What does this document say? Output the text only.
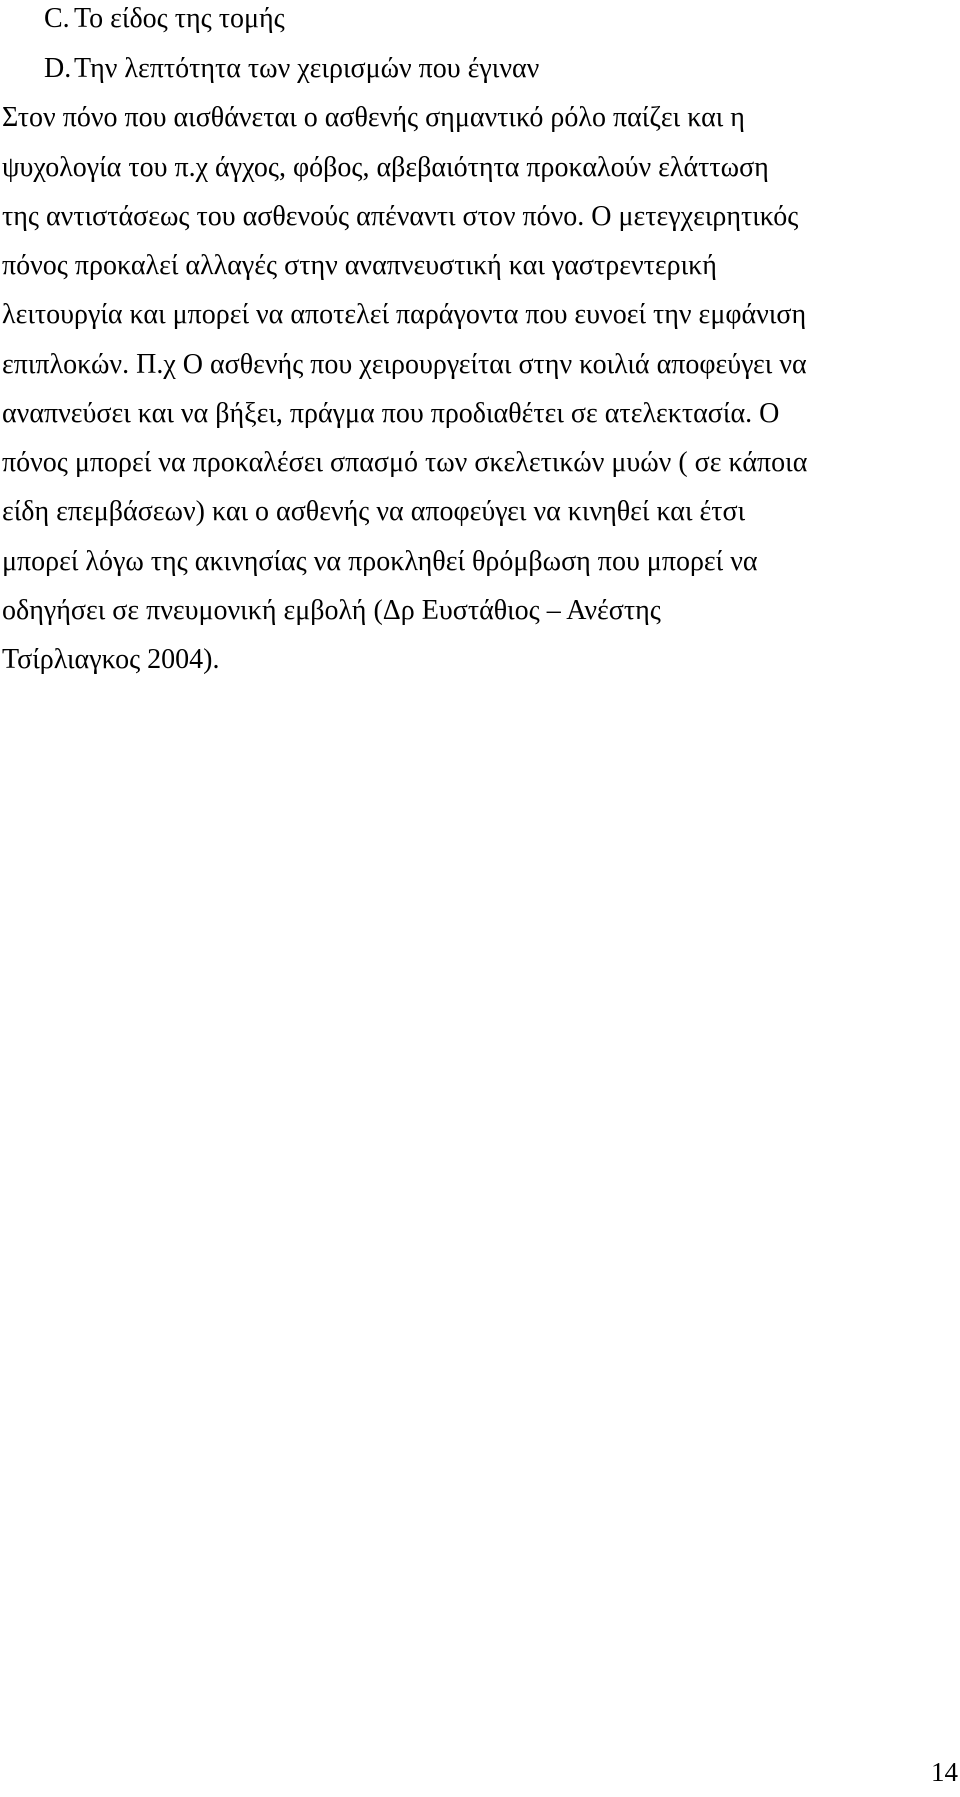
C. Το είδος της τομής
D.Την λεπτότητα των χειρισμών που έγιναν
Στον πόνο που αισθάνεται ο ασθενής σημαντικό ρόλο παίζει και η
ψυχολογία του π.χ άγχος, φόβος, αβεβαιότητα προκαλούν ελάττωση
της αντιστάσεως του ασθενούς απέναντι στον πόνο. Ο μετεγχειρητικός
πόνος προκαλεί αλλαγές στην αναπνευστική και γαστρεντερική
λειτουργία και μπορεί να αποτελεί παράγοντα που ευνοεί την εμφάνιση
επιπλοκών. Π.χ Ο ασθενής που χειρουργείται στην κοιλιά αποφεύγει να
αναπνεύσει και να βήξει, πράγμα που προδιαθέτει σε ατελεκτασία. Ο
πόνος μπορεί να προκαλέσει σπασμό των σκελετικών μυών ( σε κάποια
είδη επεμβάσεων) και ο ασθενής να αποφεύγει να κινηθεί και έτσι
μπορεί λόγω της ακινησίας να προκληθεί θρόμβωση που μπορεί να
οδηγήσει σε πνευμονική εμβολή (Δρ Ευστάθιος – Ανέστης
Τσίρλιαγκος 2004).
14
